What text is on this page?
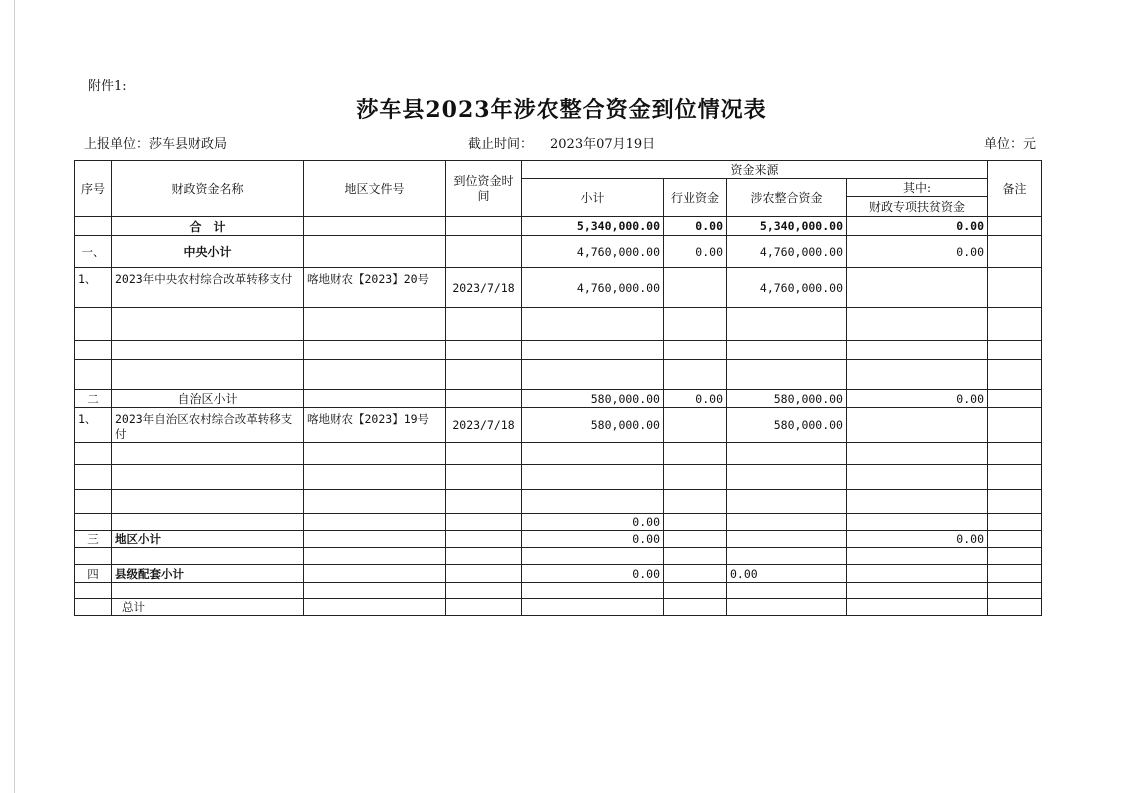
附件1:
莎车县2023年涉农整合资金到位情况表
上报单位：莎车县财政局	截止时间： 2023年07月19日	单位：元
序号	财政资金名称	地区文件号	到位资金时间	资金来源				备注
				小计	行业资金	涉农整合资金	其中:	
							财政专项扶贫资金	
	合　计			5,340,000.00	0.00	5,340,000.00	0.00	
一、	中央小计			4,760,000.00	0.00	4,760,000.00	0.00	
1、	2023年中央农村综合改革转移支付	喀地财农【2023】20号	2023/7/18	4,760,000.00		4,760,000.00		

二	自治区小计			580,000.00	0.00	580,000.00	0.00	
1、	2023年自治区农村综合改革转移支付	喀地财农【2023】19号	2023/7/18	580,000.00		580,000.00		

				0.00				
三	地区小计			0.00			0.00	

四	县级配套小计			0.00		0.00		

	总计							
